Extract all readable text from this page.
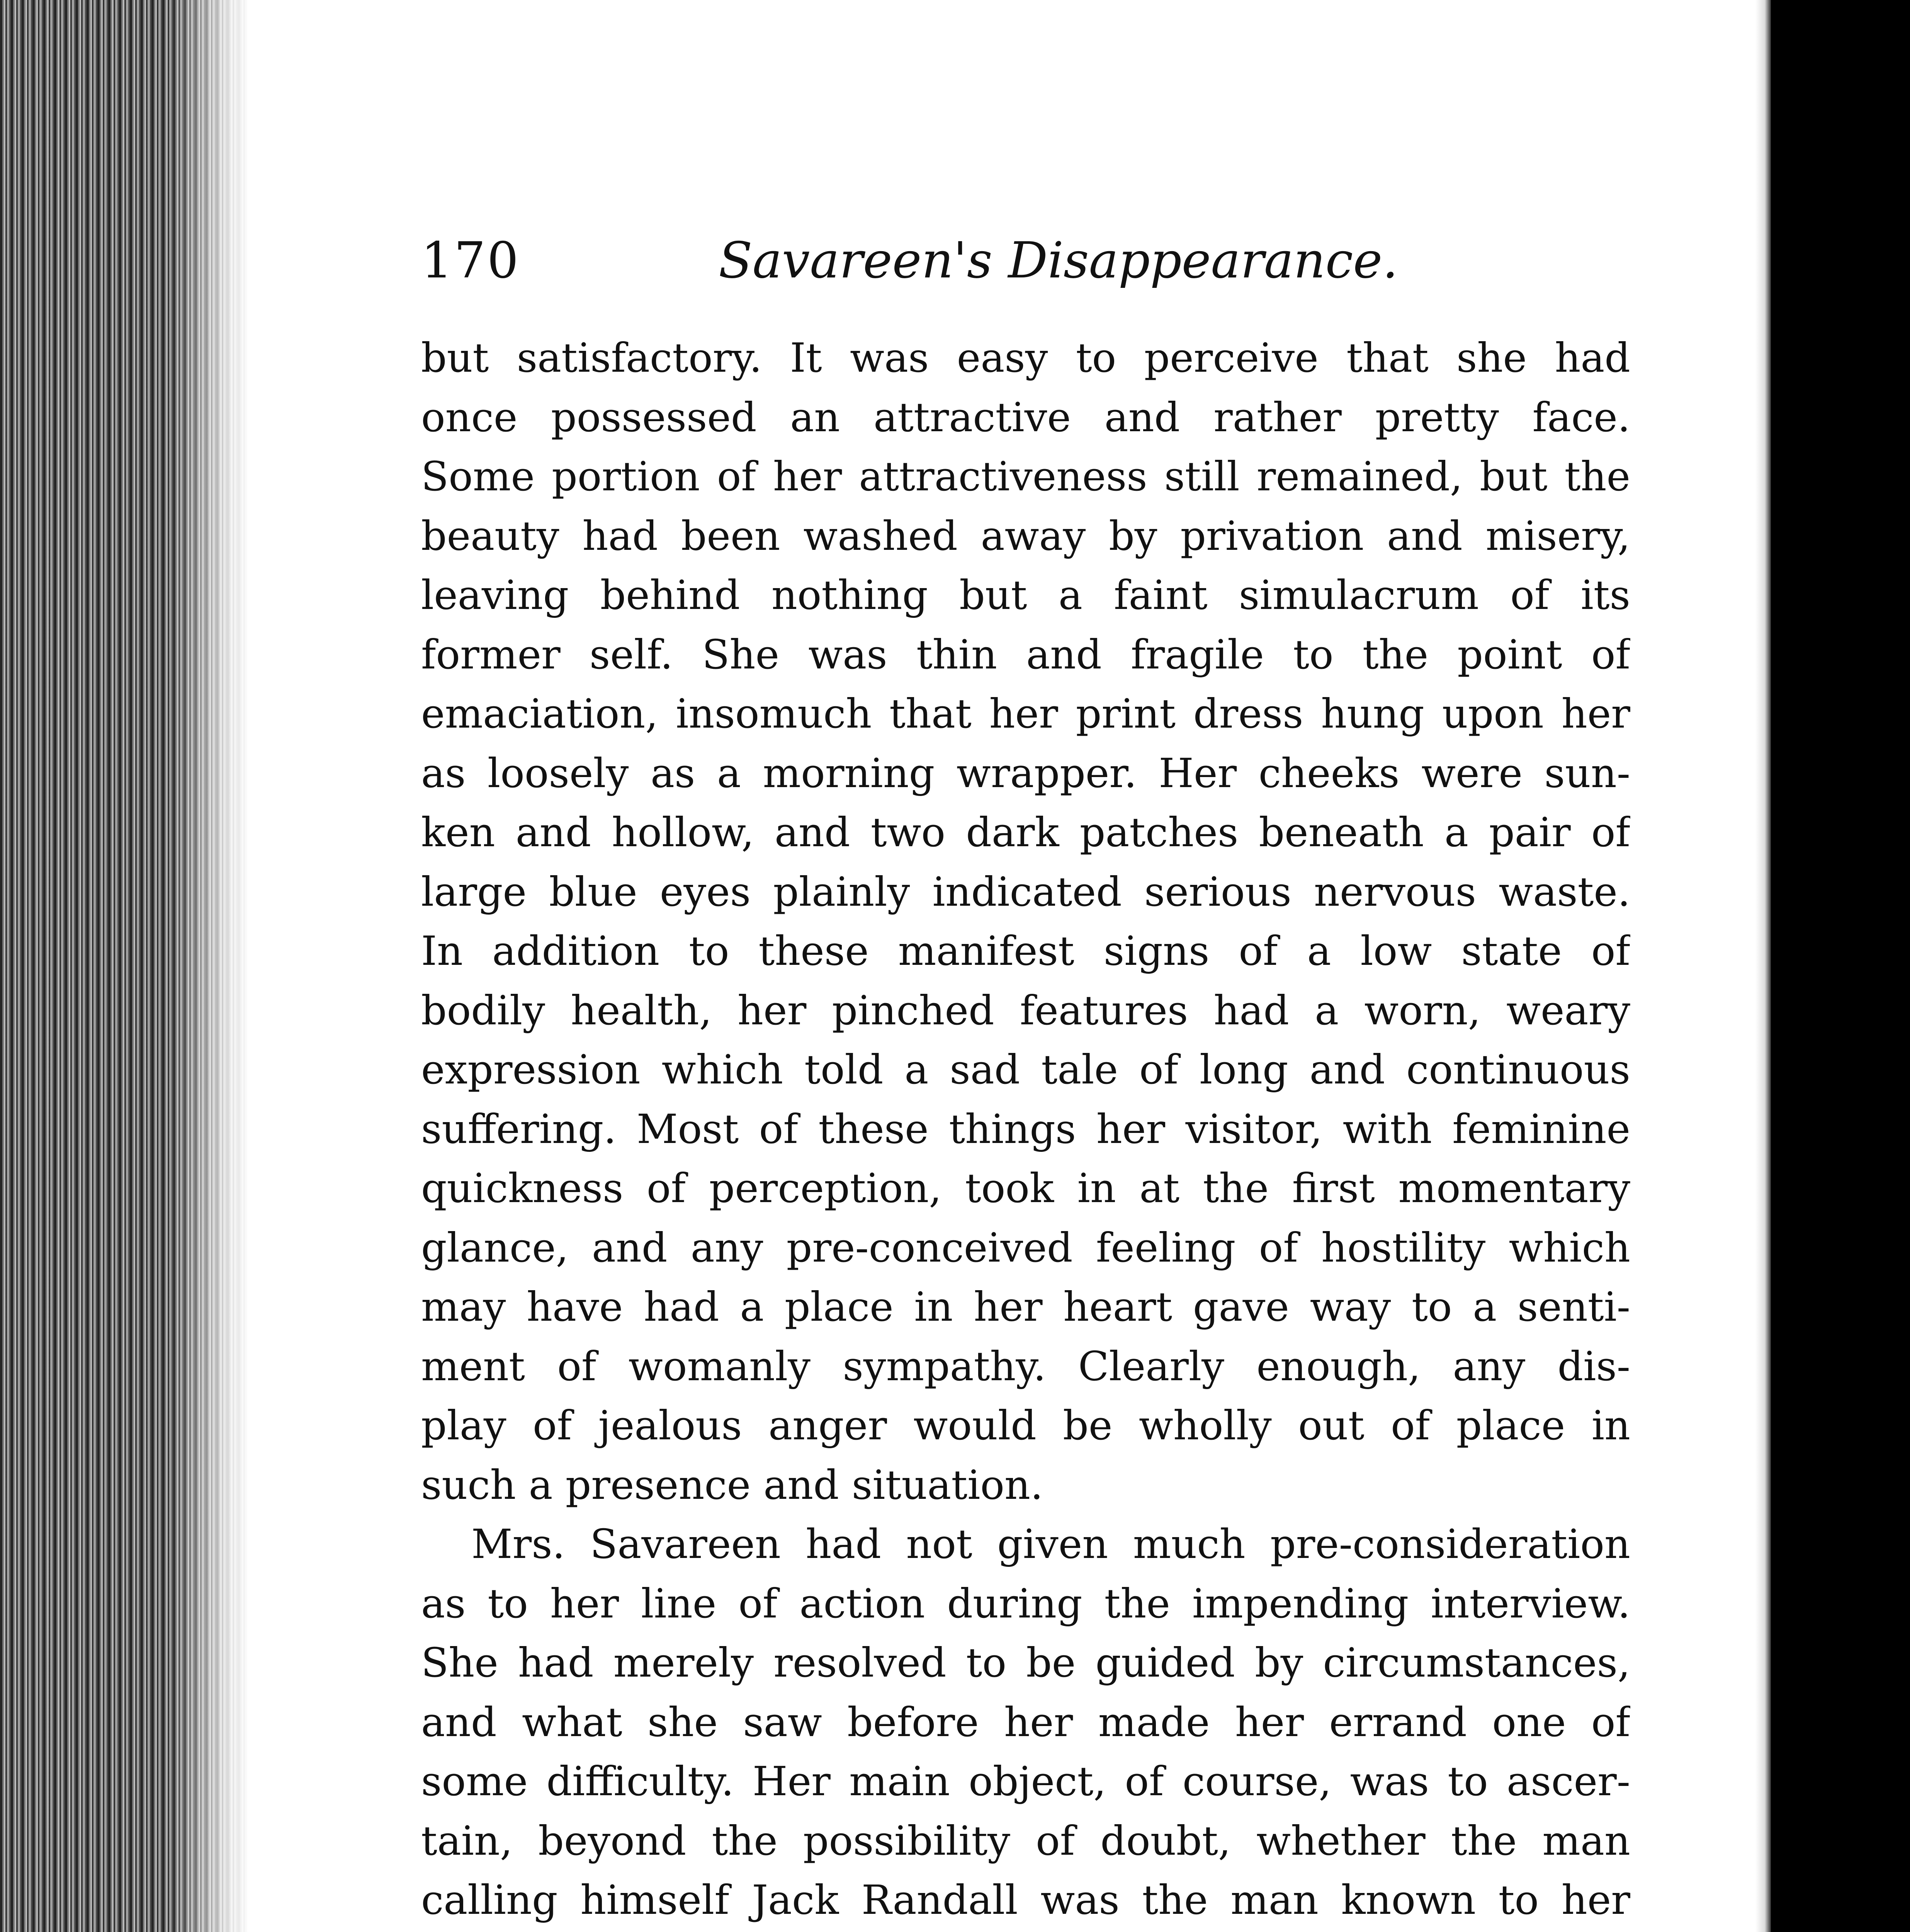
170	Savareen's Disappearance.
but satisfactory. It was easy to perceive that she had
once possessed an attractive and rather pretty face.
Some portion of her attractiveness still remained, but the
beauty had been washed away by privation and misery,
leaving behind nothing but a faint simulacrum of its
former self. She was thin and fragile to the point of
emaciation, insomuch that her print dress hung upon her
as loosely as a morning wrapper. Her cheeks were sun-
ken and hollow, and two dark patches beneath a pair of
large blue eyes plainly indicated serious nervous waste.
In addition to these manifest signs of a low state of
bodily health, her pinched features had a worn, weary
expression which told a sad tale of long and continuous
suffering. Most of these things her visitor, with feminine
quickness of perception, took in at the first momentary
glance, and any pre-conceived feeling of hostility which
may have had a place in her heart gave way to a senti-
ment of womanly sympathy. Clearly enough, any dis-
play of jealous anger would be wholly out of place in
such a presence and situation.
Mrs. Savareen had not given much pre-consideration
as to her line of action during the impending interview.
She had merely resolved to be guided by circumstances,
and what she saw before her made her errand one of
some difficulty. Her main object, of course, was to ascer-
tain, beyond the possibility of doubt, whether the man
calling himself Jack Randall was the man known to her
